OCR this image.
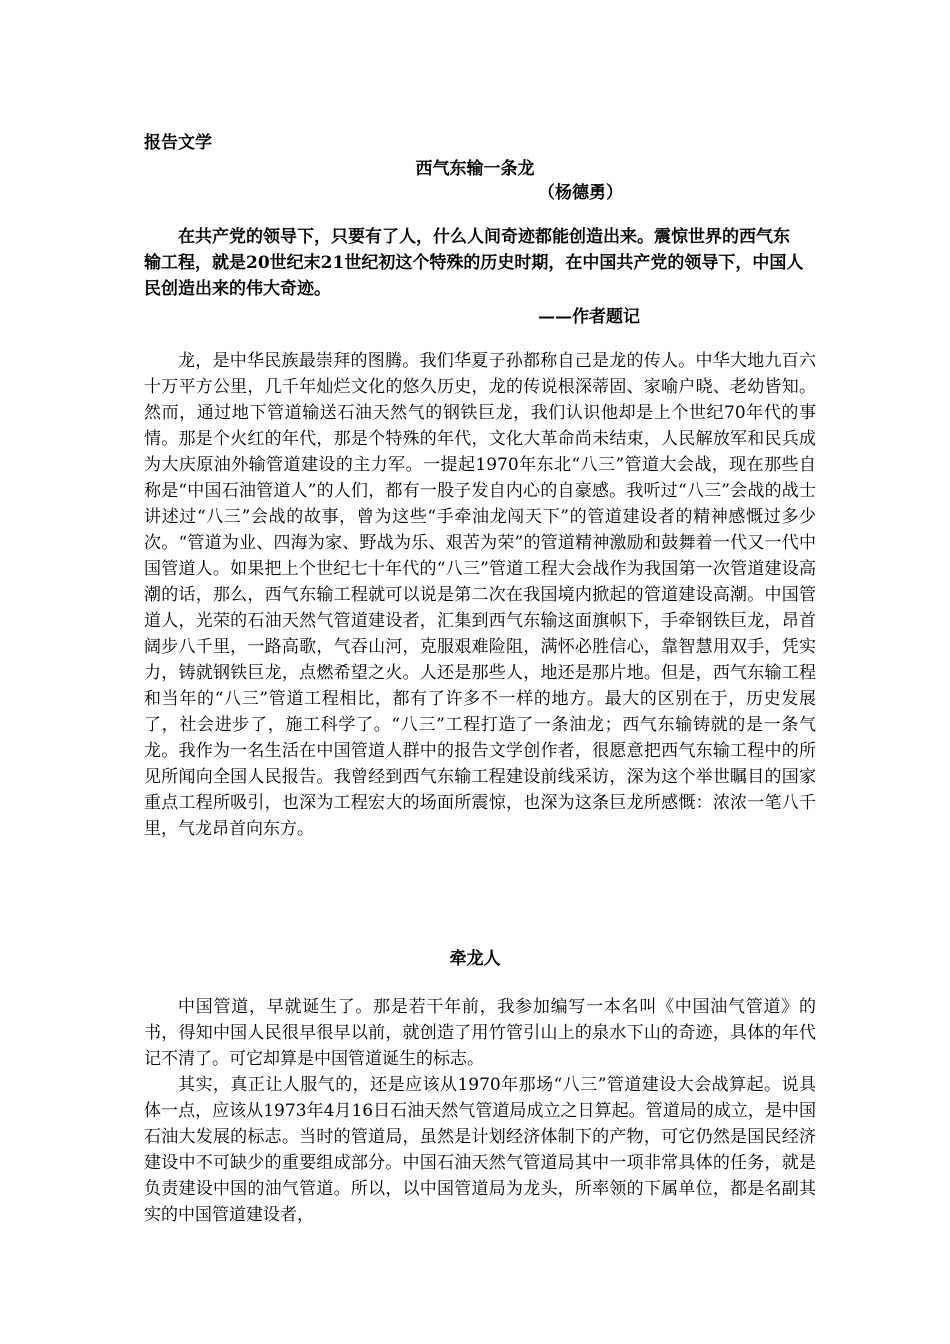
报告文学
西气东输一条龙
（杨德勇）

在共产党的领导下，只要有了人，什么人间奇迹都能创造出来。震惊世界的西气东输工程，就是20世纪末21世纪初这个特殊的历史时期，在中国共产党的领导下，中国人民创造出来的伟大奇迹。

——作者题记

龙，是中华民族最崇拜的图腾。我们华夏子孙都称自己是龙的传人。中华大地九百六十万平方公里，几千年灿烂文化的悠久历史，龙的传说根深蒂固、家喻户晓、老幼皆知。然而，通过地下管道输送石油天然气的钢铁巨龙，我们认识他却是上个世纪70年代的事情。那是个火红的年代，那是个特殊的年代，文化大革命尚未结束，人民解放军和民兵成为大庆原油外输管道建设的主力军。一提起1970年东北“八三”管道大会战，现在那些自称是“中国石油管道人”的人们，都有一股子发自内心的自豪感。我听过“八三”会战的战士讲述过“八三”会战的故事，曾为这些“手牵油龙闯天下”的管道建设者的精神感慨过多少次。“管道为业、四海为家、野战为乐、艰苦为荣”的管道精神激励和鼓舞着一代又一代中国管道人。如果把上个世纪七十年代的“八三”管道工程大会战作为我国第一次管道建设高潮的话，那么，西气东输工程就可以说是第二次在我国境内掀起的管道建设高潮。中国管道人，光荣的石油天然气管道建设者，汇集到西气东输这面旗帜下，手牵钢铁巨龙，昂首阔步八千里，一路高歌，气吞山河，克服艰难险阻，满怀必胜信心，靠智慧用双手，凭实力，铸就钢铁巨龙，点燃希望之火。人还是那些人，地还是那片地。但是，西气东输工程和当年的“八三”管道工程相比，都有了许多不一样的地方。最大的区别在于，历史发展了，社会进步了，施工科学了。“八三”工程打造了一条油龙；西气东输铸就的是一条气龙。我作为一名生活在中国管道人群中的报告文学创作者，很愿意把西气东输工程中的所见所闻向全国人民报告。我曾经到西气东输工程建设前线采访，深为这个举世瞩目的国家重点工程所吸引，也深为工程宏大的场面所震惊，也深为这条巨龙所感慨：浓浓一笔八千里，气龙昂首向东方。

牵龙人

中国管道，早就诞生了。那是若干年前，我参加编写一本名叫《中国油气管道》的书，得知中国人民很早很早以前，就创造了用竹管引山上的泉水下山的奇迹，具体的年代记不清了。可它却算是中国管道诞生的标志。

其实，真正让人服气的，还是应该从1970年那场“八三”管道建设大会战算起。说具体一点，应该从1973年4月16日石油天然气管道局成立之日算起。管道局的成立，是中国石油大发展的标志。当时的管道局，虽然是计划经济体制下的产物，可它仍然是国民经济建设中不可缺少的重要组成部分。中国石油天然气管道局其中一项非常具体的任务，就是负责建设中国的油气管道。所以，以中国管道局为龙头，所率领的下属单位，都是名副其实的中国管道建设者，
